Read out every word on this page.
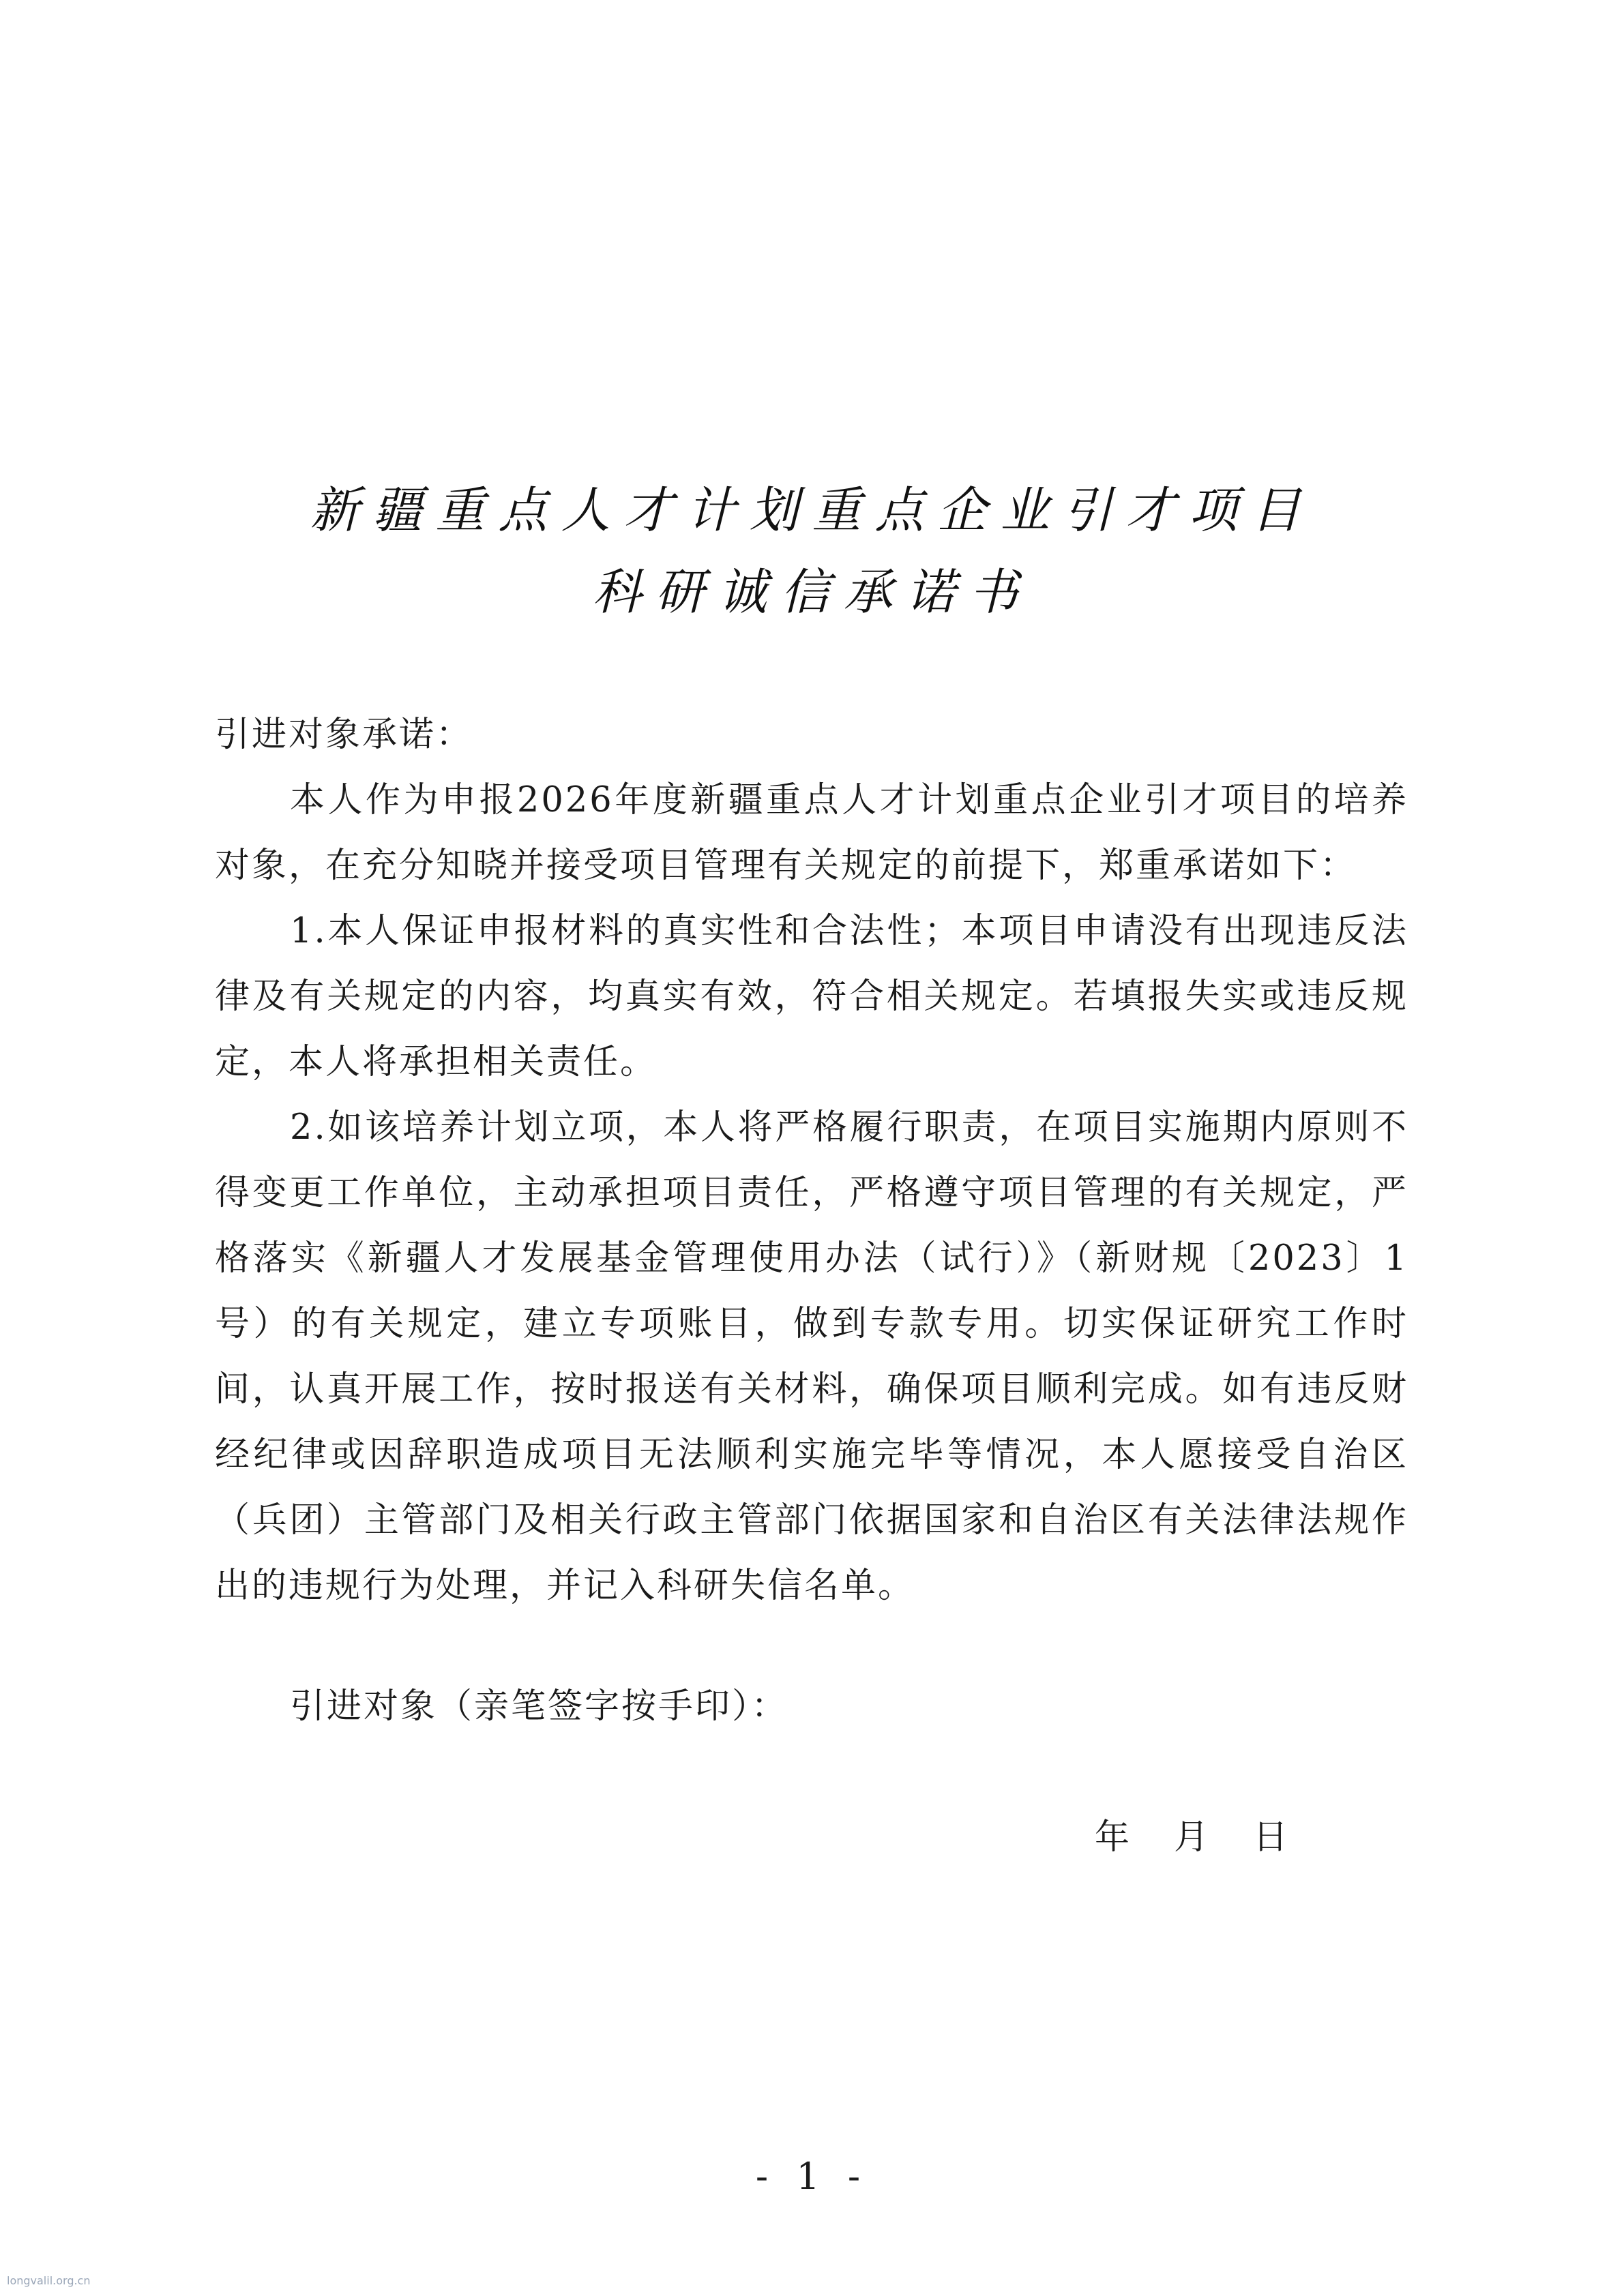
新疆重点人才计划重点企业引才项目
科研诚信承诺书
引进对象承诺：

本人作为申报2026年度新疆重点人才计划重点企业引才项目的培养对象，在充分知晓并接受项目管理有关规定的前提下，郑重承诺如下：

1.本人保证申报材料的真实性和合法性；本项目申请没有出现违反法律及有关规定的内容，均真实有效，符合相关规定。若填报失实或违反规定，本人将承担相关责任。

2.如该培养计划立项，本人将严格履行职责，在项目实施期内原则不得变更工作单位，主动承担项目责任，严格遵守项目管理的有关规定，严格落实《新疆人才发展基金管理使用办法（试行）》（新财规〔2023〕1号）的有关规定，建立专项账目，做到专款专用。切实保证研究工作时间，认真开展工作，按时报送有关材料，确保项目顺利完成。如有违反财经纪律或因辞职造成项目无法顺利实施完毕等情况，本人愿接受自治区（兵团）主管部门及相关行政主管部门依据国家和自治区有关法律法规作出的违规行为处理，并记入科研失信名单。

引进对象（亲笔签字按手印）：
年 月 日
- 1 -
longvalil.org.cn
